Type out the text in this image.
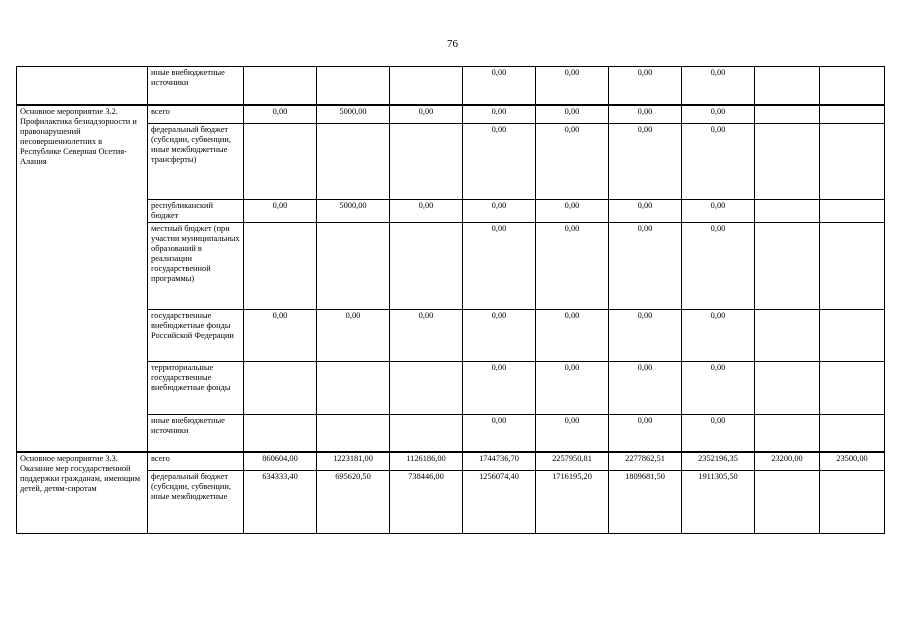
76
	иные внебюджетные источники				0,00	0,00	0,00	0,00		
Основное мероприятие 3.2. Профилактика безнадзорности и правонарушений несовершеннолетних в Республике Северная Осетия-Алания	всего	0,00	5000,00	0,00	0,00	0,00	0,00	0,00		
	федеральный бюджет (субсидии, субвенции, иные межбюджетные трансферты)				0,00	0,00	0,00	0,00		
	республиканский бюджет	0,00	5000,00	0,00	0,00	0,00	0,00	0,00		
	местный бюджет (при участии муниципальных образований в реализации государственной программы)				0,00	0,00	0,00	0,00		
	государственные внебюджетные фонды Российской Федерации	0,00	0,00	0,00	0,00	0,00	0,00	0,00		
	территориальные государственные внебюджетные фонды				0,00	0,00	0,00	0,00		
	иные внебюджетные источники				0,00	0,00	0,00	0,00		
Основное мероприятие 3.3. Оказание мер государственной поддержки гражданам, имеющим детей, детям-сиротам	всего	860604,00	1223181,00	1126186,00	1744736,70	2257950,81	2277862,51	2352196,35	23200,00	23500,00
	федеральный бюджет (субсидии, субвенции, иные межбюджетные	634333,40	695620,50	738446,00	1256074,40	1716195,20	1809681,50	1911305,50		
